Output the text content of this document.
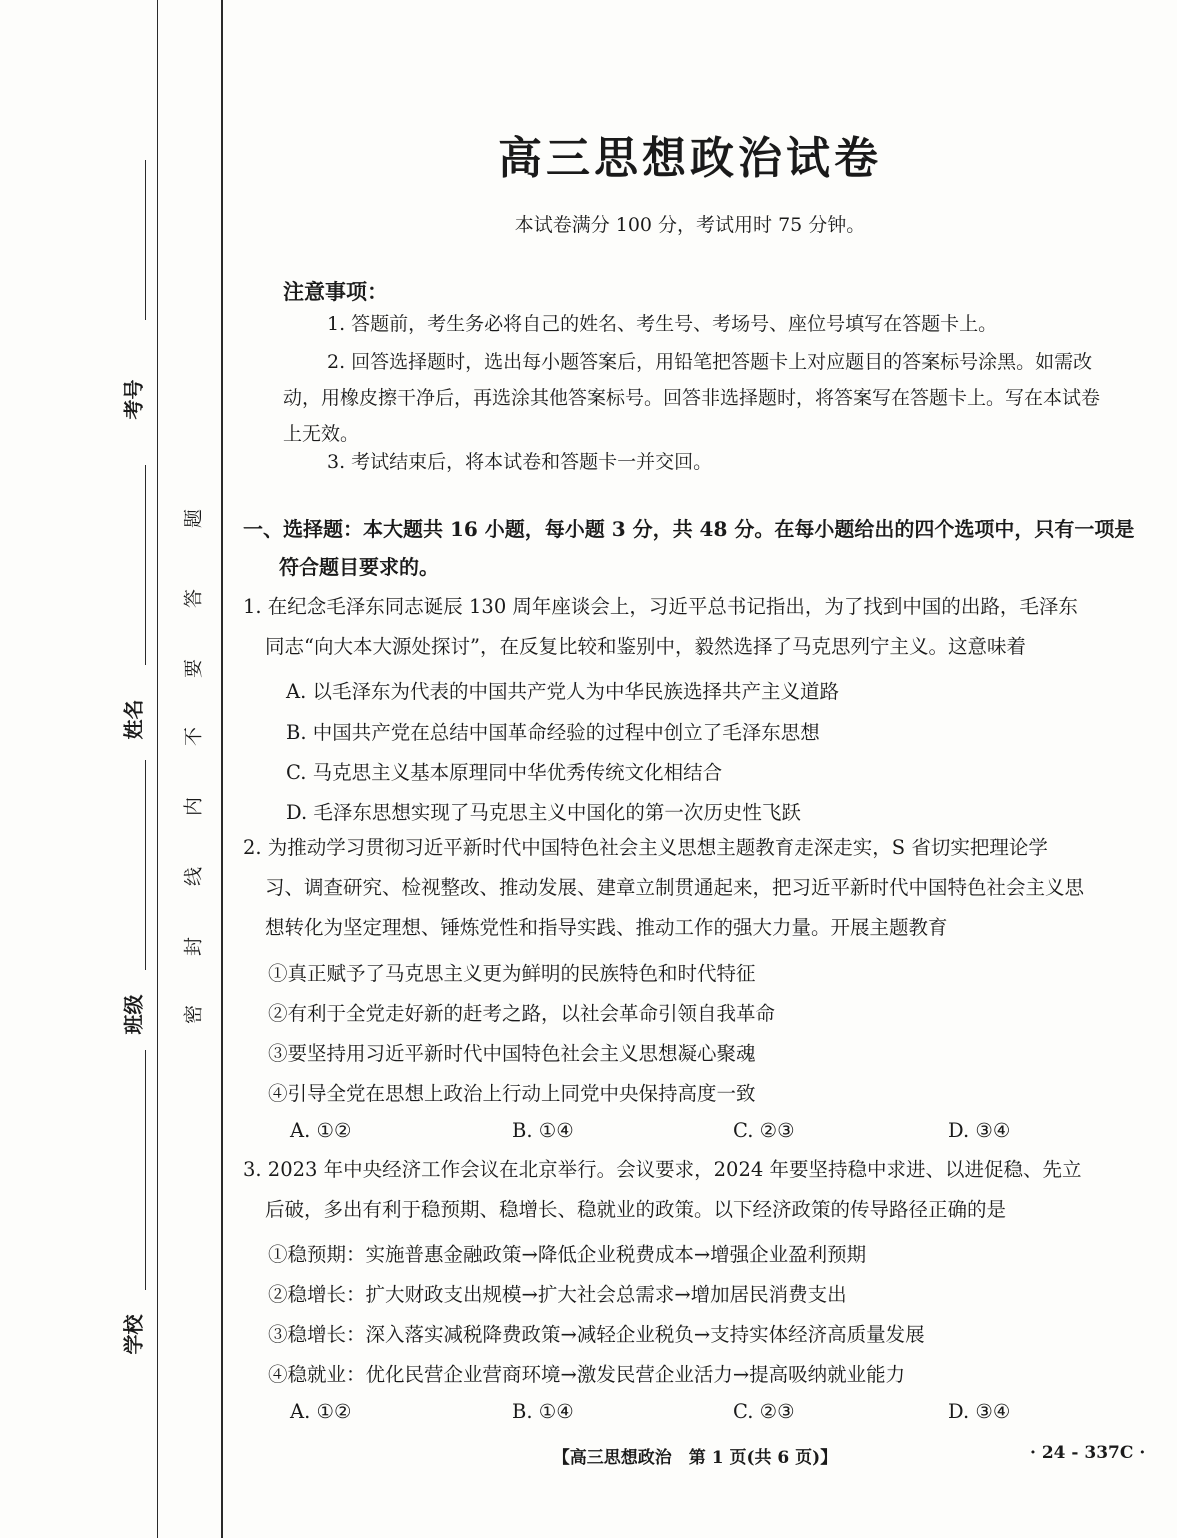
考号
姓名
班级
学校
题
答
要
不
内
线
封
密
高三思想政治试卷
本试卷满分 100 分，考试用时 75 分钟。
注意事项：
1. 答题前，考生务必将自己的姓名、考生号、考场号、座位号填写在答题卡上。
2. 回答选择题时，选出每小题答案后，用铅笔把答题卡上对应题目的答案标号涂黑。如需改动，用橡皮擦干净后，再选涂其他答案标号。回答非选择题时，将答案写在答题卡上。写在本试卷上无效。
3. 考试结束后，将本试卷和答题卡一并交回。
一、选择题：本大题共 16 小题，每小题 3 分，共 48 分。在每小题给出的四个选项中，只有一项是
符合题目要求的。
1. 在纪念毛泽东同志诞辰 130 周年座谈会上，习近平总书记指出，为了找到中国的出路，毛泽东
同志“向大本大源处探讨”，在反复比较和鉴别中，毅然选择了马克思列宁主义。这意味着
A. 以毛泽东为代表的中国共产党人为中华民族选择共产主义道路
B. 中国共产党在总结中国革命经验的过程中创立了毛泽东思想
C. 马克思主义基本原理同中华优秀传统文化相结合
D. 毛泽东思想实现了马克思主义中国化的第一次历史性飞跃
2. 为推动学习贯彻习近平新时代中国特色社会主义思想主题教育走深走实，S 省切实把理论学
习、调查研究、检视整改、推动发展、建章立制贯通起来，把习近平新时代中国特色社会主义思
想转化为坚定理想、锤炼党性和指导实践、推动工作的强大力量。开展主题教育
①真正赋予了马克思主义更为鲜明的民族特色和时代特征
②有利于全党走好新的赶考之路，以社会革命引领自我革命
③要坚持用习近平新时代中国特色社会主义思想凝心聚魂
④引导全党在思想上政治上行动上同党中央保持高度一致
A. ①②	B. ①④	C. ②③	D. ③④
3. 2023 年中央经济工作会议在北京举行。会议要求，2024 年要坚持稳中求进、以进促稳、先立
后破，多出有利于稳预期、稳增长、稳就业的政策。以下经济政策的传导路径正确的是
①稳预期：实施普惠金融政策→降低企业税费成本→增强企业盈利预期
②稳增长：扩大财政支出规模→扩大社会总需求→增加居民消费支出
③稳增长：深入落实减税降费政策→减轻企业税负→支持实体经济高质量发展
④稳就业：优化民营企业营商环境→激发民营企业活力→提高吸纳就业能力
A. ①②	B. ①④	C. ②③	D. ③④
【高三思想政治　第 1 页(共 6 页)】	· 24 - 337C ·
